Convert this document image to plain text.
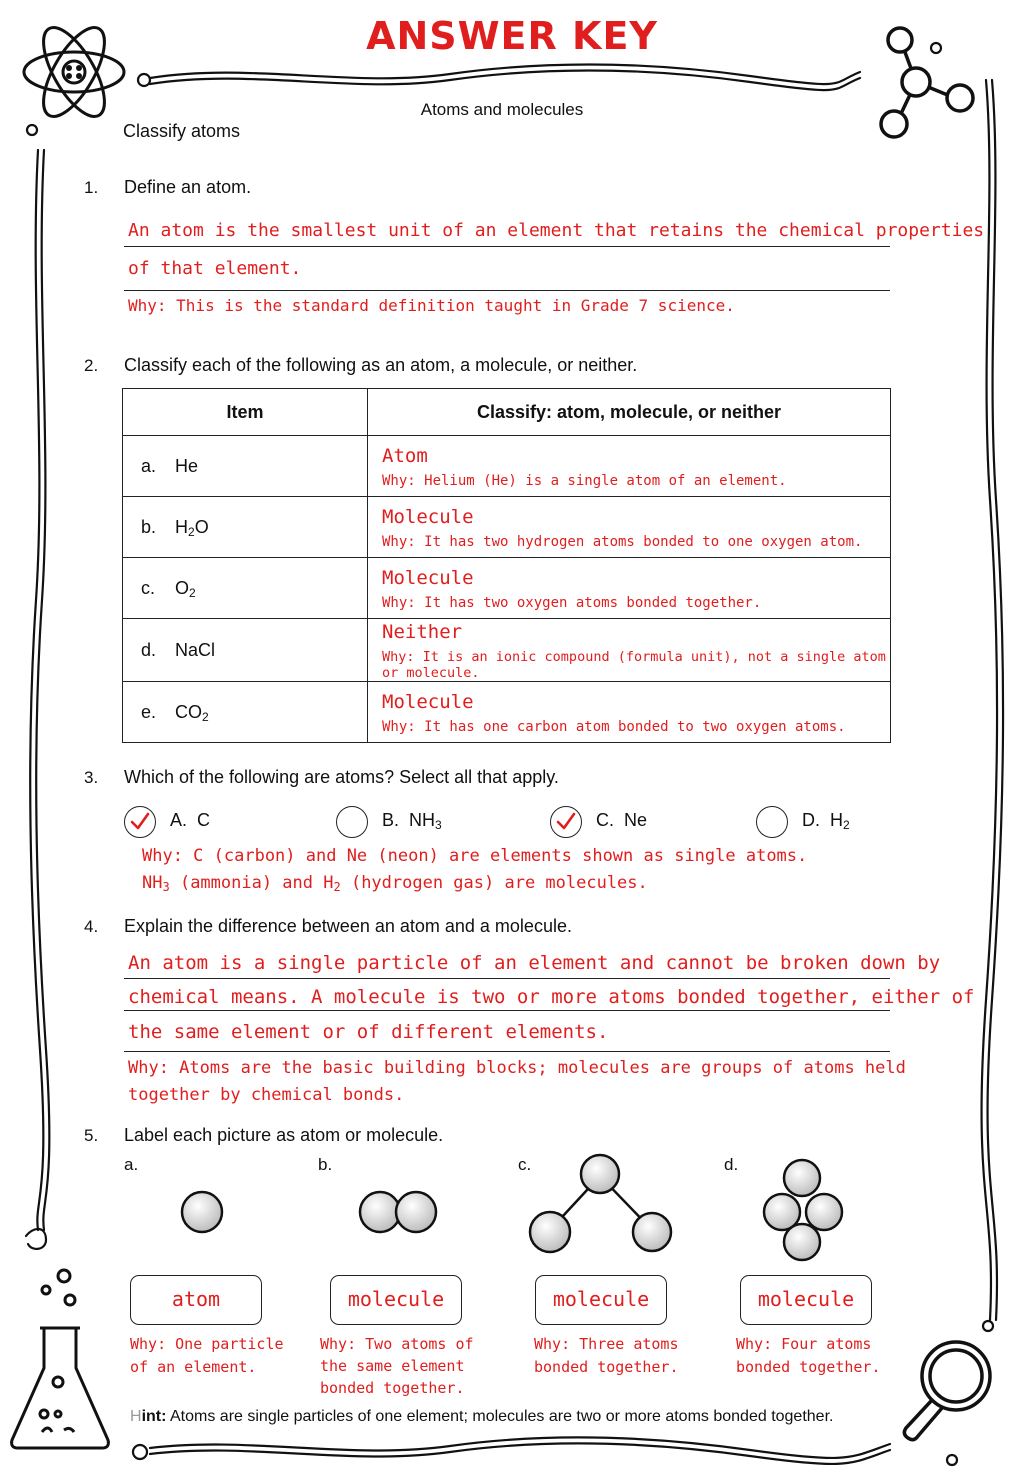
ANSWER KEY
Atoms and molecules
Classify atoms
1. Define an atom.
An atom is the smallest unit of an element that retains the chemical properties
of that element.
Why: This is the standard definition taught in Grade 7 science.
2. Classify each of the following as an atom, a molecule, or neither.
Item	Classify: atom, molecule, or neither
a. He	Atom
Why: Helium (He) is a single atom of an element.

b. $H_2O$	Molecule
Why: It has two hydrogen atoms bonded to one oxygen atom.

c. $O_2$	Molecule
Why: It has two oxygen atoms bonded together.

d. NaCl	Neither
Why: It is an ionic compound (formula unit), not a single atom or molecule.

e. $CO_2$	Molecule
Why: It has one carbon atom bonded to two oxygen atoms.
3. Which of the following are atoms? Select all that apply.
A. C	B. $NH_3$	C. Ne	D. $H_2$
Why: C (carbon) and Ne (neon) are elements shown as single atoms.
$NH_3$ (ammonia) and $H_2$ (hydrogen gas) are molecules.
4. Explain the difference between an atom and a molecule.
An atom is a single particle of an element and cannot be broken down by
chemical means. A molecule is two or more atoms bonded together, either of
the same element or of different elements.
Why: Atoms are the basic building blocks; molecules are groups of atoms held
together by chemical bonds.
5. Label each picture as atom or molecule.
a.	b.	c.	d.
atom	molecule	molecule	molecule
Why: One particle
of an element.
Why: Two atoms of
the same element
bonded together.
Why: Three atoms
bonded together.
Why: Four atoms
bonded together.
Hint: Atoms are single particles of one element; molecules are two or more atoms bonded together.
